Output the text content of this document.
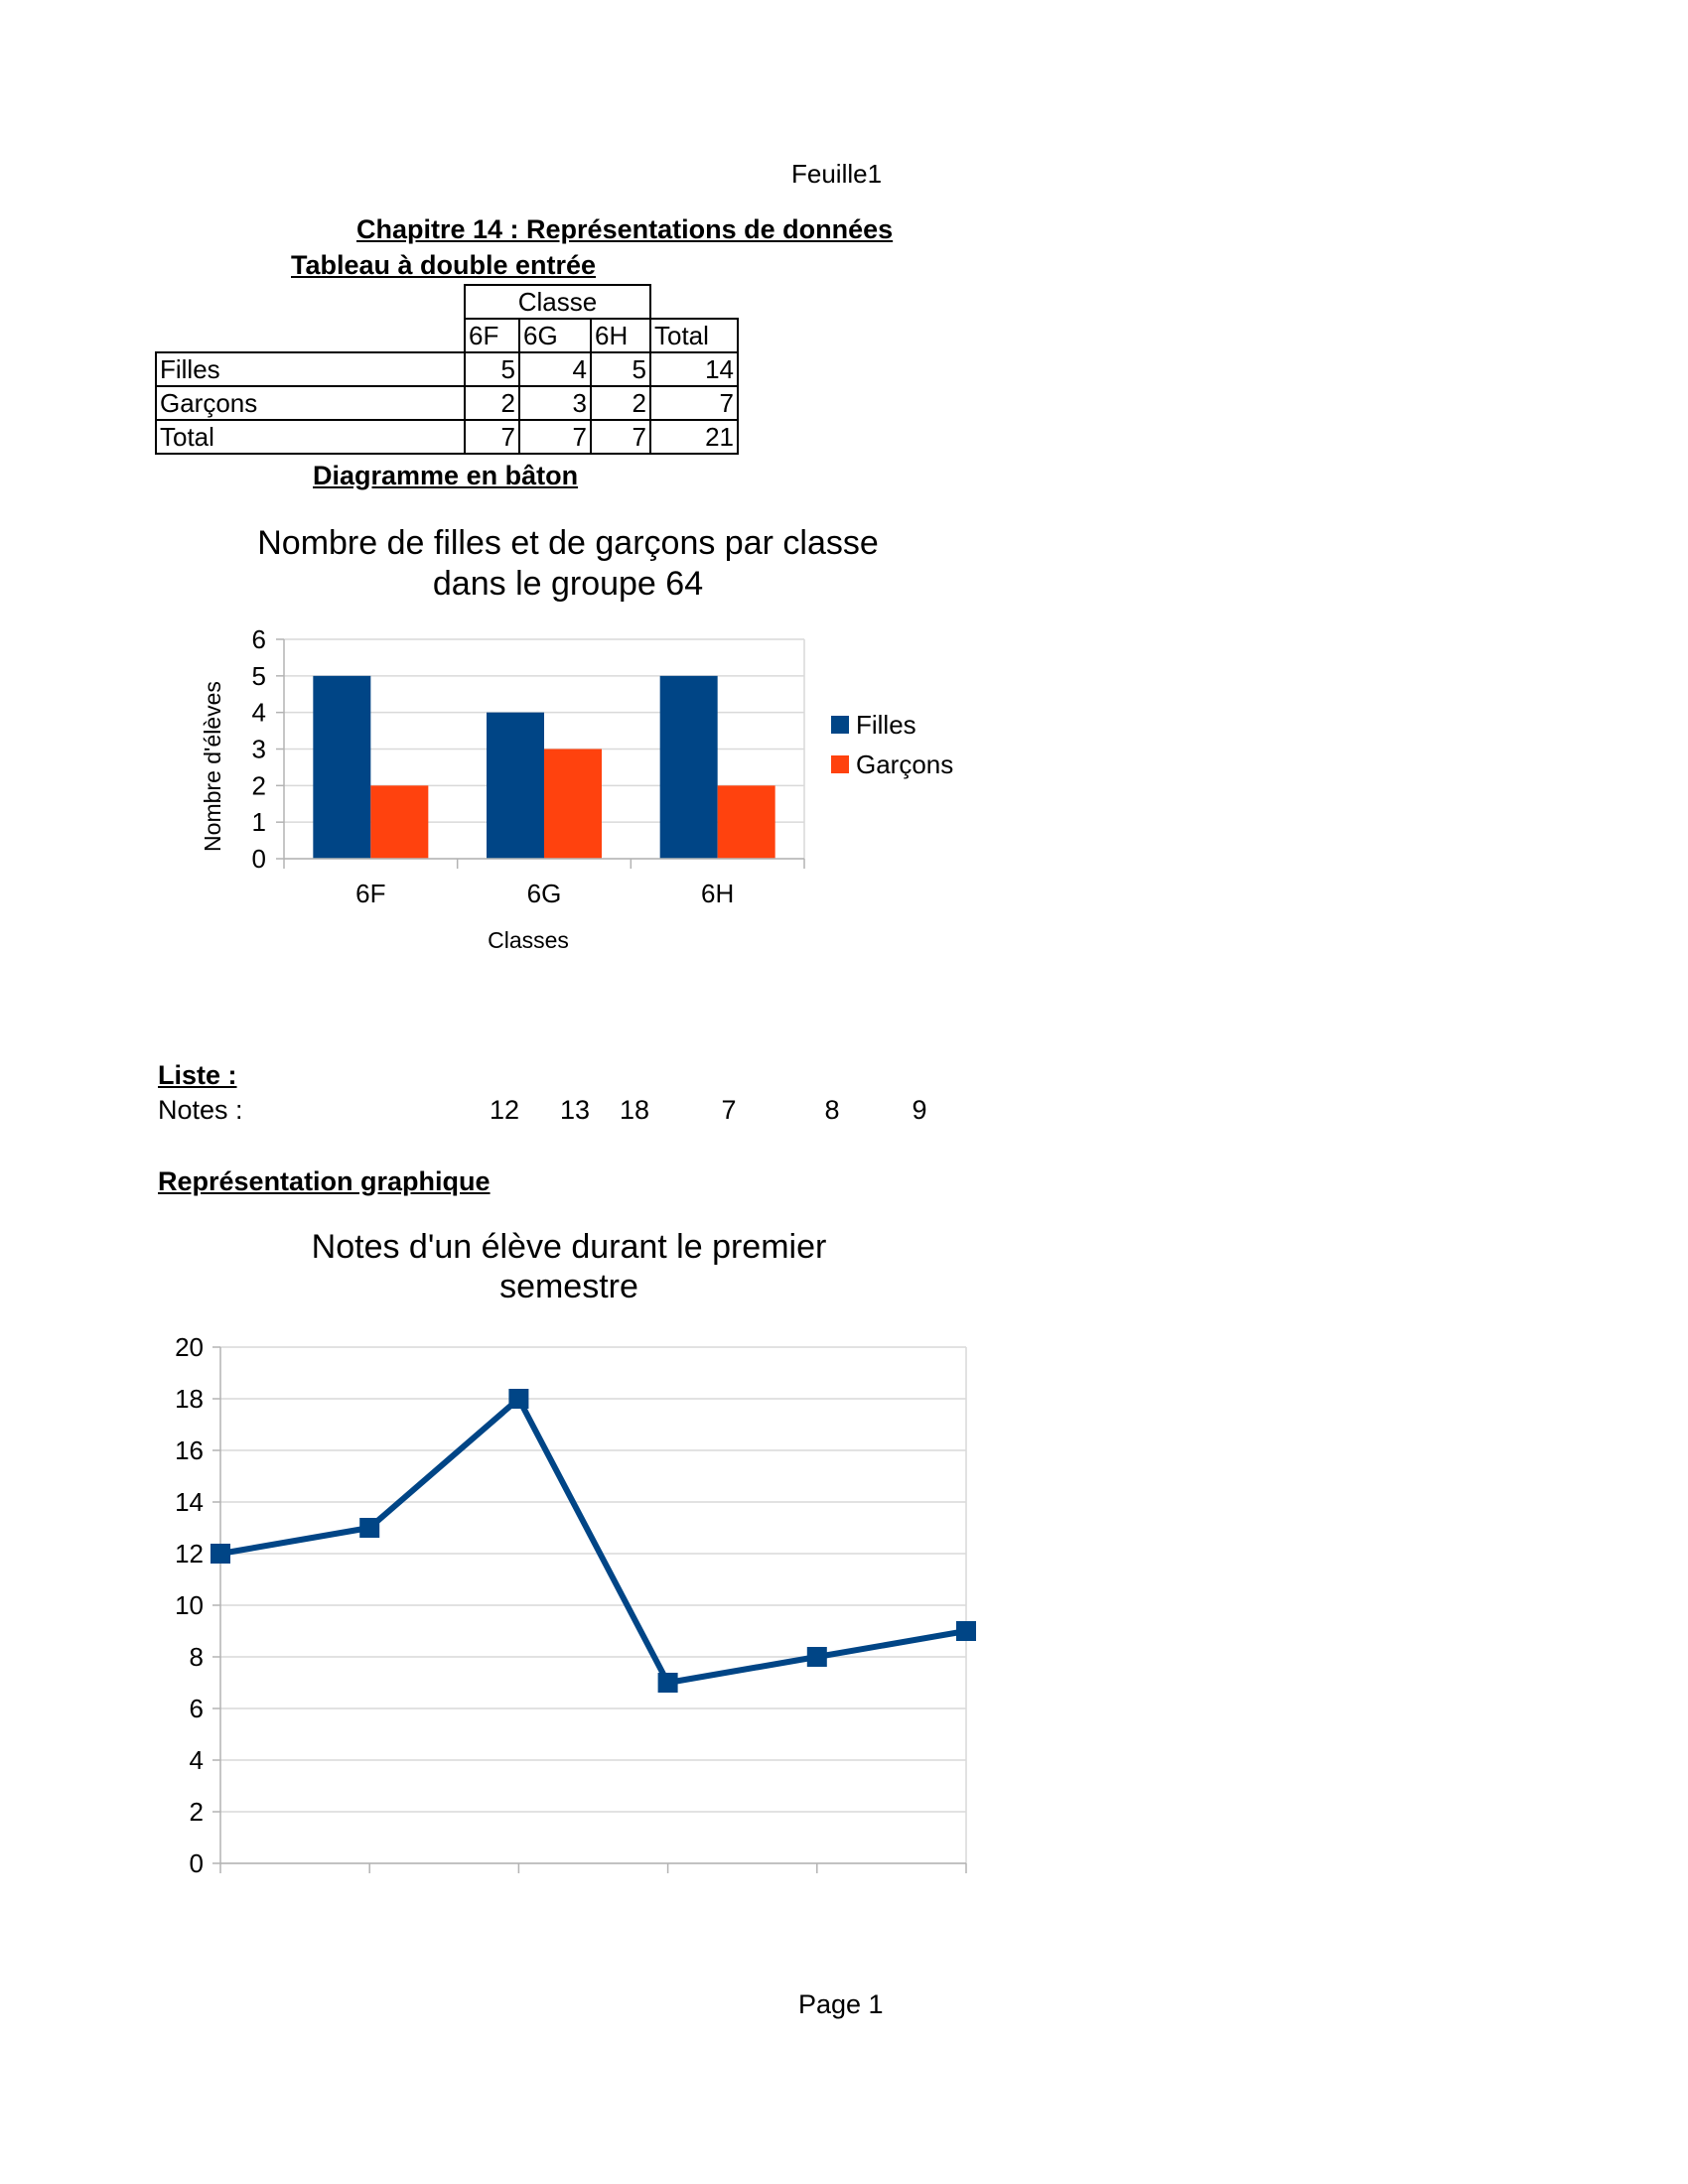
Feuille1
Chapitre 14 : Représentations de données
Tableau à double entrée
	Classe			
	6F	6G	6H	Total
Filles	5	4	5	14
Garçons	2	3	2	7
Total	7	7	7	21
Diagramme en bâton
Nombre de filles et de garçons par classe
dans le groupe 64
0
1
2
3
4
5
6
6F	6G	6H
Classes
Nombre d'élèves	Filles
Garçons
Liste :
Notes :	12	13	18	7	8	9
Représentation graphique
Notes d'un élève durant le premier
semestre
0
2
4
6
8
10
12
14
16
18
20
Page 1
